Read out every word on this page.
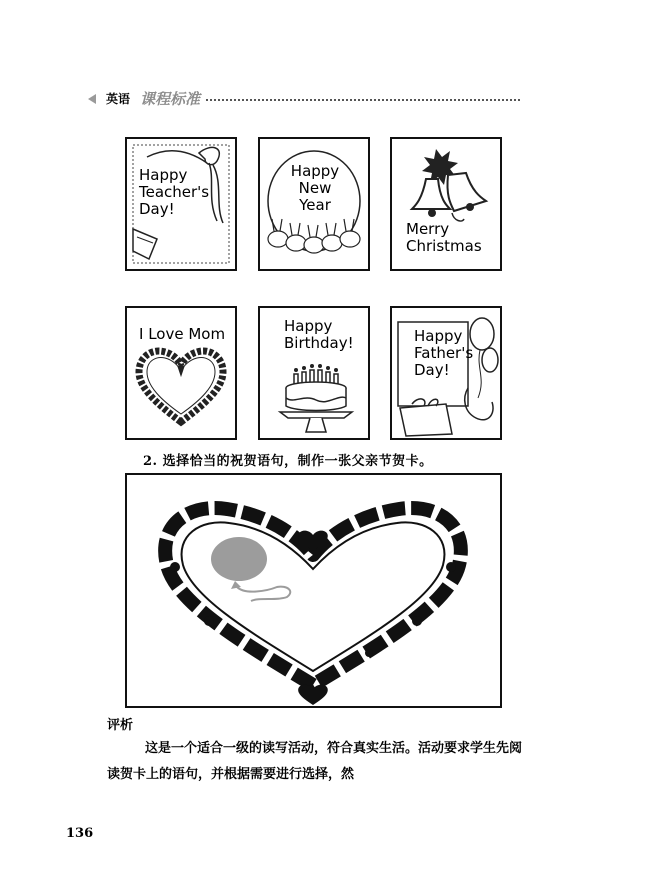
英语 课程标准
Happy
Teacher's
Day!
Happy
New
Year
Merry
Christmas
I Love Mom	Happy
Birthday!	Happy
Father's
Day!
2. 选择恰当的祝贺语句，制作一张父亲节贺卡。
评析
这是一个适合一级的读写活动，符合真实生活。活动要求学生先阅读贺卡上的语句，并根据需要进行选择，然
136
